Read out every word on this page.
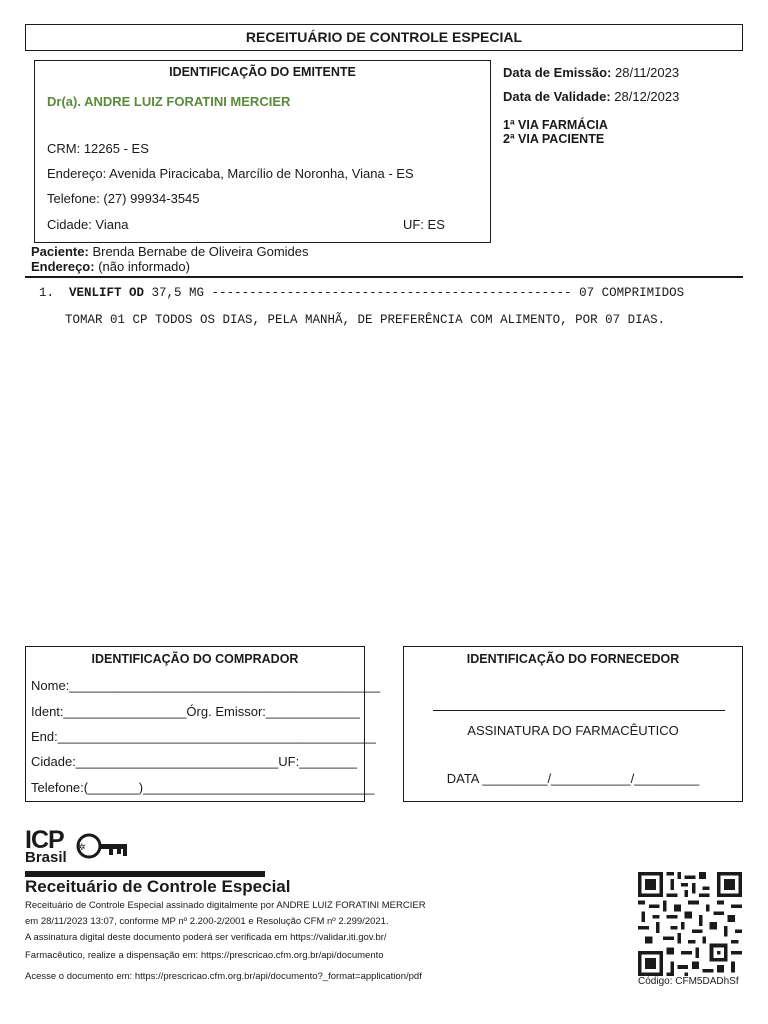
RECEITUÁRIO DE CONTROLE ESPECIAL
IDENTIFICAÇÃO DO EMITENTE
Dr(a). ANDRE LUIZ FORATINI MERCIER
CRM: 12265 - ES
Endereço: Avenida Piracicaba, Marcílio de Noronha, Viana - ES
Telefone: (27) 99934-3545
Cidade: Viana	UF: ES
Data de Emissão: 28/11/2023
Data de Validade: 28/12/2023
1ª VIA FARMÁCIA
2ª VIA PACIENTE
Paciente: Brenda Bernabe de Oliveira Gomides
Endereço: (não informado)
1. VENLIFT OD 37,5 MG ------------------------------------------------ 07 COMPRIMIDOS
TOMAR 01 CP TODOS OS DIAS, PELA MANHÃ, DE PREFERÊNCIA COM ALIMENTO, POR 07 DIAS.
IDENTIFICAÇÃO DO COMPRADOR
Nome:___________________________________________
Ident:_________________Órg. Emissor:_____________
End:____________________________________________
Cidade:____________________________UF:________
Telefone:(_______)________________________________
IDENTIFICAÇÃO DO FORNECEDOR
ASSINATURA DO FARMACÊUTICO
DATA _________/___________/_________
ICP
Brasil
✲
Receituário de Controle Especial
Receituário de Controle Especial assinado digitalmente por ANDRE LUIZ FORATINI MERCIER
em 28/11/2023 13:07, conforme MP nº 2.200-2/2001 e Resolução CFM nº 2.299/2021.
A assinatura digital deste documento poderá ser verificada em https://validar.iti.gov.br/
Farmacêutico, realize a dispensação em: https://prescricao.cfm.org.br/api/documento
Acesse o documento em: https://prescricao.cfm.org.br/api/documento?_format=application/pdf	Código: CFM5DADhSf
